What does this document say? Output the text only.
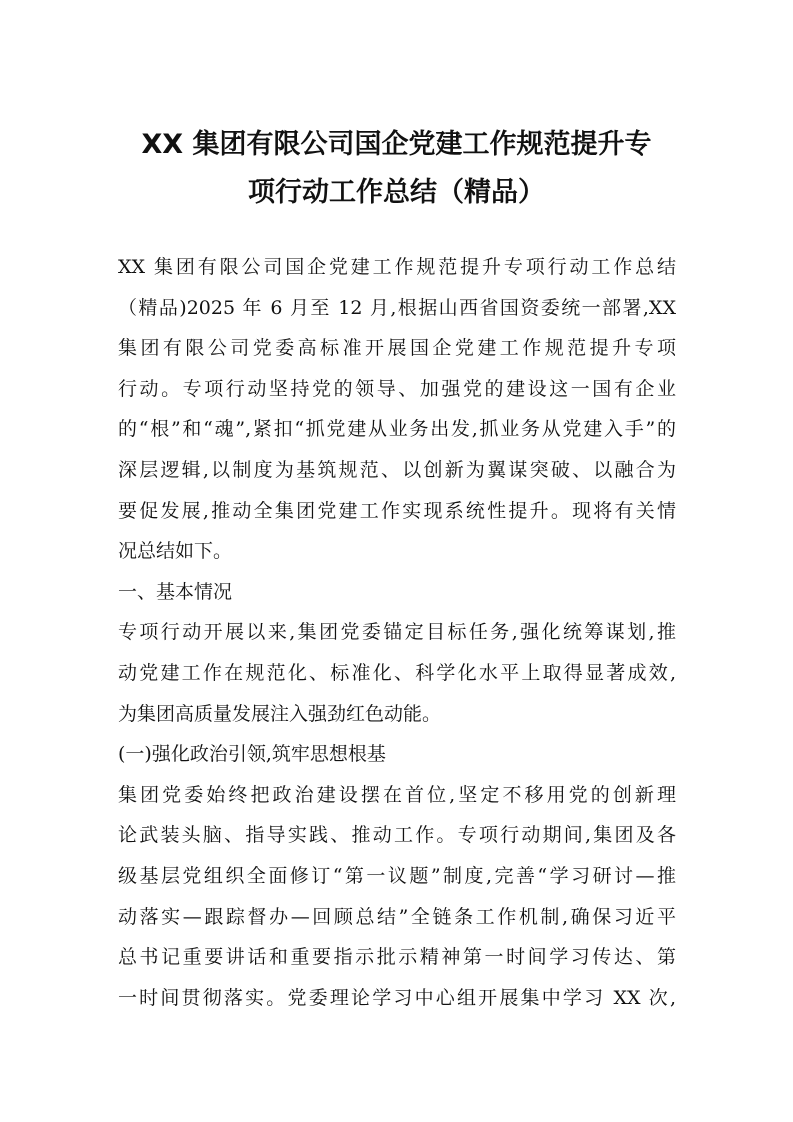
XX 集团有限公司国企党建工作规范提升专
项行动工作总结（精品）

XX 集团有限公司国企党建工作规范提升专项行动工作总结

（精品)2025 年 6 月至 12 月,根据山西省国资委统一部署,XX

集团有限公司党委高标准开展国企党建工作规范提升专项

行动。专项行动坚持党的领导、加强党的建设这一国有企业

的“根”和“魂”,紧扣“抓党建从业务出发,抓业务从党建入手”的

深层逻辑,以制度为基筑规范、以创新为翼谋突破、以融合为

要促发展,推动全集团党建工作实现系统性提升。现将有关情

况总结如下。

一、基本情况

专项行动开展以来,集团党委锚定目标任务,强化统筹谋划,推

动党建工作在规范化、标准化、科学化水平上取得显著成效,

为集团高质量发展注入强劲红色动能。

(一)强化政治引领,筑牢思想根基

集团党委始终把政治建设摆在首位,坚定不移用党的创新理

论武装头脑、指导实践、推动工作。专项行动期间,集团及各

级基层党组织全面修订“第一议题”制度,完善“学习研讨—推

动落实—跟踪督办—回顾总结”全链条工作机制,确保习近平

总书记重要讲话和重要指示批示精神第一时间学习传达、第

一时间贯彻落实。党委理论学习中心组开展集中学习 XX 次,
